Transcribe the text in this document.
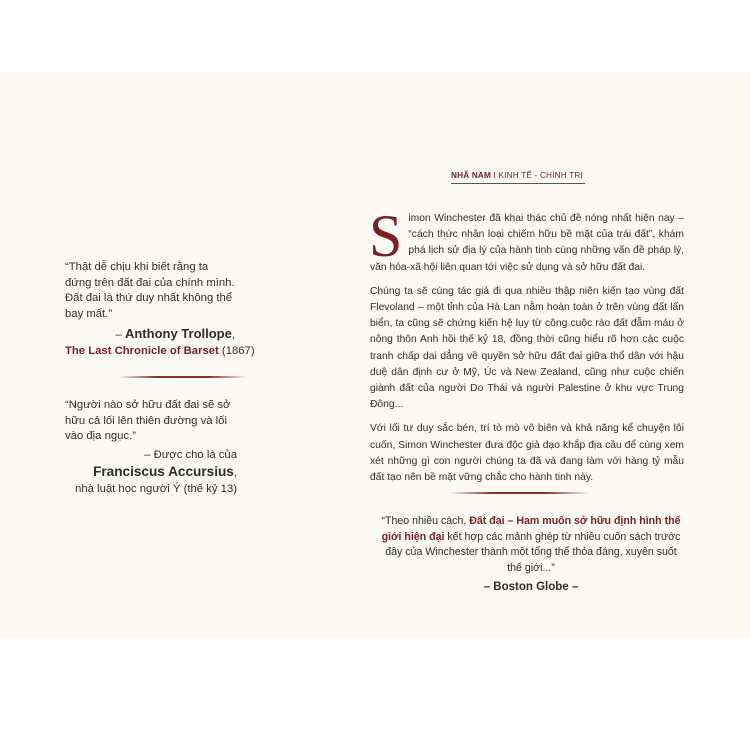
“Thật dễ chịu khi biết rằng ta đứng trên đất đai của chính mình. Đất đai là thứ duy nhất không thể bay mất.”
– Anthony Trollope,
The Last Chronicle of Barset (1867)
“Người nào sở hữu đất đai sẽ sở hữu cả lối lên thiên đường và lối vào địa ngục.”
– Được cho là của
Franciscus Accursius,
nhà luật học người Ý (thế kỷ 13)
NHÃ NAM I KINH TẾ - CHÍNH TRỊ

Simon Winchester đã khai thác chủ đề nóng nhất hiện nay – “cách thức nhân loại chiếm hữu bề mặt của trái đất”, khám phá lịch sử địa lý của hành tinh cùng những vấn đề pháp lý, văn hóa-xã hội liên quan tới việc sử dụng và sở hữu đất đai.

Chúng ta sẽ cùng tác giả đi qua nhiều thập niên kiến tạo vùng đất Flevoland – một tỉnh của Hà Lan nằm hoàn toàn ở trên vùng đất lấn biển, ta cũng sẽ chứng kiến hệ lụy từ công cuộc rào đất đẫm máu ở nông thôn Anh hồi thế kỷ 18, đồng thời cũng hiểu rõ hơn các cuộc tranh chấp dai dẳng về quyền sở hữu đất đai giữa thổ dân với hậu duệ dân định cư ở Mỹ, Úc và New Zealand, cũng như cuộc chiến giành đất của người Do Thái và người Palestine ở khu vực Trung Đông...

Với lối tư duy sắc bén, trí tò mò vô biên và khả năng kể chuyện lôi cuốn, Simon Winchester đưa độc giả dạo khắp địa cầu để cùng xem xét những gì con người chúng ta đã và đang làm với hàng tỷ mẫu đất tạo nên bề mặt vững chắc cho hành tinh này.

“Theo nhiều cách, Đất đai – Ham muốn sở hữu định hình thế giới hiện đại kết hợp các mảnh ghép từ nhiều cuốn sách trước đây của Winchester thành một tổng thể thỏa đáng, xuyên suốt thế giới...”
– Boston Globe –
